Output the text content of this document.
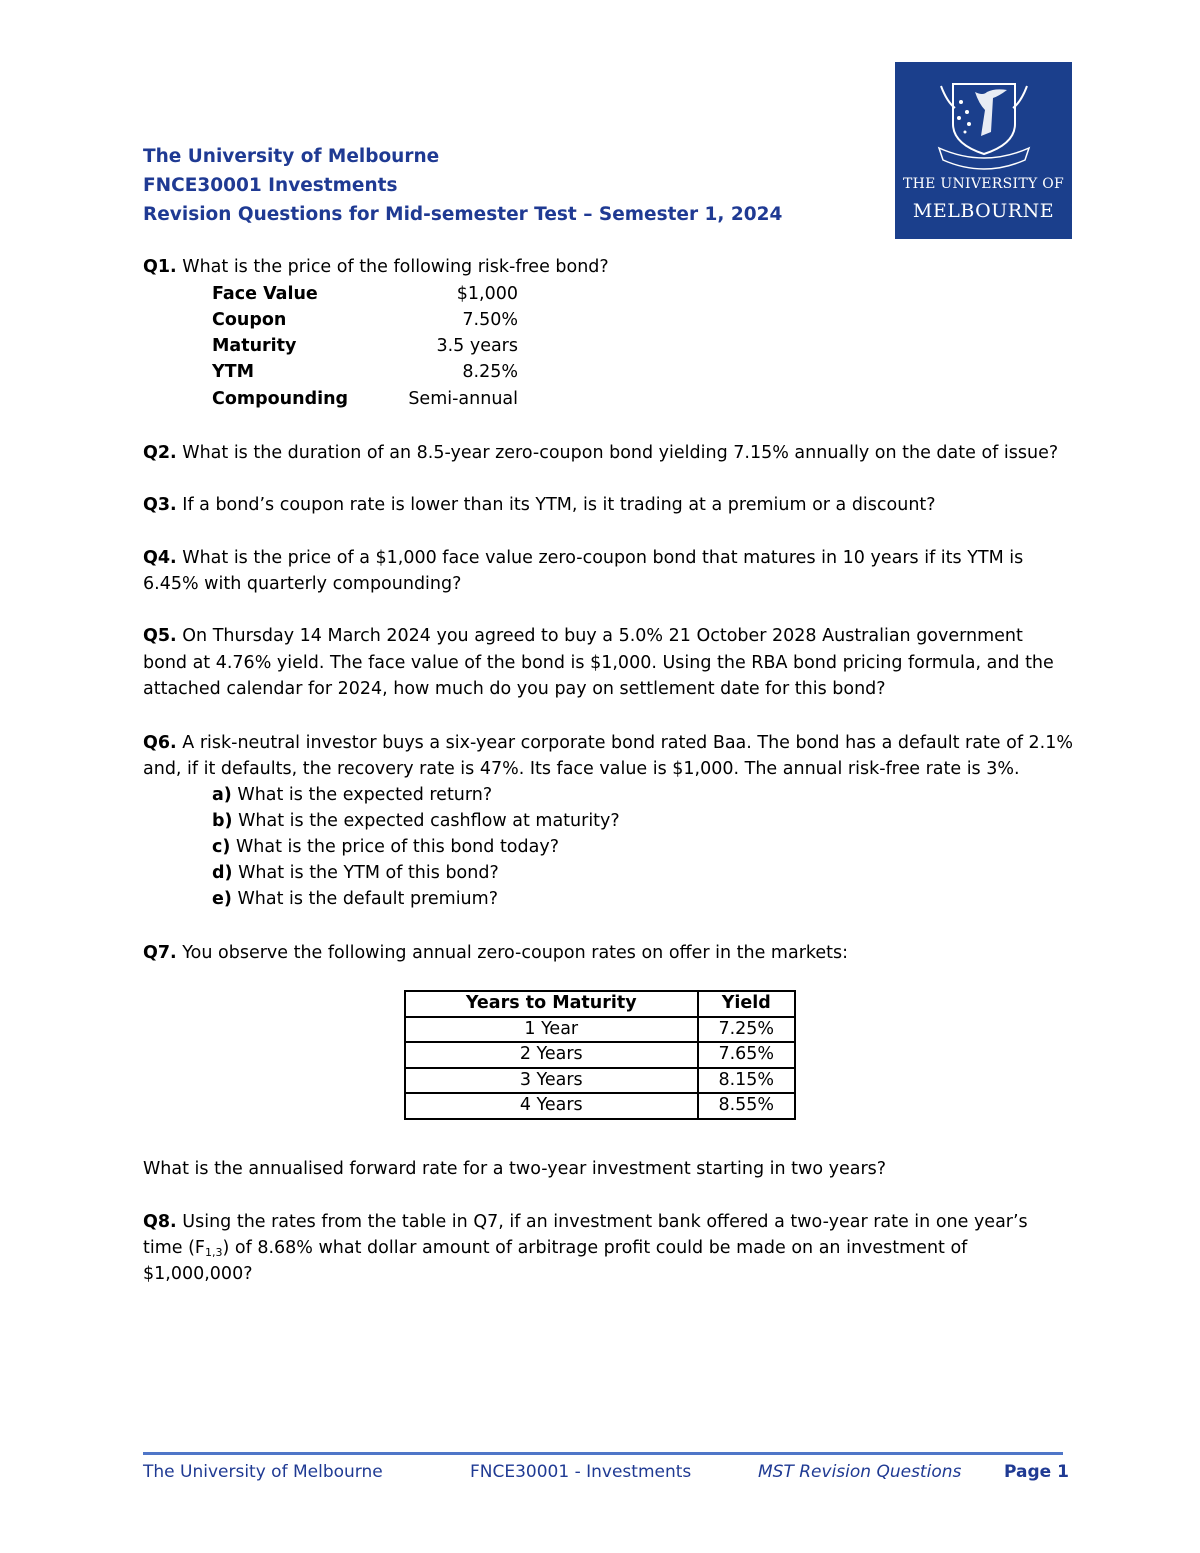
THE UNIVERSITY OF
MELBOURNE
The University of Melbourne
FNCE30001 Investments
Revision Questions for Mid-semester Test – Semester 1, 2024
Q1. What is the price of the following risk-free bond?
Face Value	$1,000
Coupon	7.50%
Maturity	3.5 years
YTM	8.25%
Compounding	Semi-annual
Q2. What is the duration of an 8.5-year zero-coupon bond yielding 7.15% annually on the date of issue?
Q3. If a bond’s coupon rate is lower than its YTM, is it trading at a premium or a discount?
Q4. What is the price of a $1,000 face value zero-coupon bond that matures in 10 years if its YTM is
6.45% with quarterly compounding?
Q5. On Thursday 14 March 2024 you agreed to buy a 5.0% 21 October 2028 Australian government
bond at 4.76% yield. The face value of the bond is $1,000. Using the RBA bond pricing formula, and the
attached calendar for 2024, how much do you pay on settlement date for this bond?
Q6. A risk-neutral investor buys a six-year corporate bond rated Baa. The bond has a default rate of 2.1%
and, if it defaults, the recovery rate is 47%. Its face value is $1,000. The annual risk-free rate is 3%.
a) What is the expected return?
b) What is the expected cashflow at maturity?
c) What is the price of this bond today?
d) What is the YTM of this bond?
e) What is the default premium?
Q7. You observe the following annual zero-coupon rates on offer in the markets:
Years to Maturity	Yield
1 Year	7.25%
2 Years	7.65%
3 Years	8.15%
4 Years	8.55%
What is the annualised forward rate for a two-year investment starting in two years?
Q8. Using the rates from the table in Q7, if an investment bank offered a two-year rate in one year’s
time $(F_{1,3})$ of 8.68% what dollar amount of arbitrage profit could be made on an investment of
$1,000,000?
The University of Melbourne	FNCE30001 - Investments	MST Revision Questions	Page 1
